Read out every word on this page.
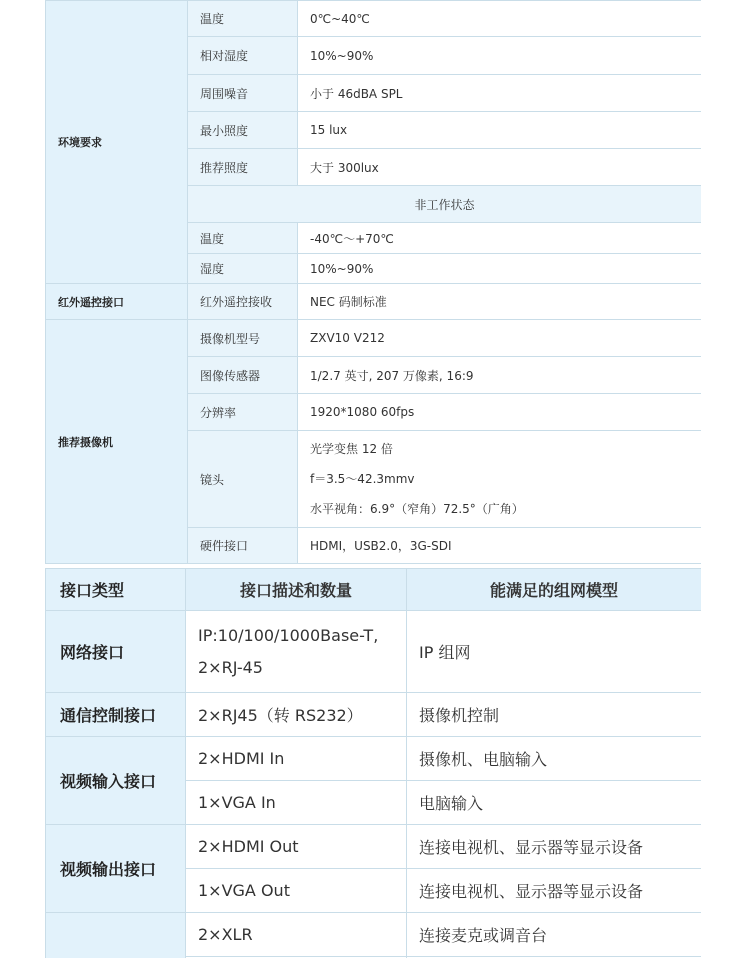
环境要求	温度	0℃~40℃
	相对湿度	10%~90%
	周围噪音	小于 46dBA SPL
	最小照度	15 lux
	推荐照度	大于 300lux
	非工作状态	
	温度	-40℃～+70℃
	湿度	10%~90%
红外遥控接口	红外遥控接收	NEC 码制标准
推荐摄像机	摄像机型号	ZXV10 V212
	图像传感器	1/2.7 英寸, 207 万像素, 16:9
	分辨率	1920*1080 60fps
	镜头	光学变焦 12 倍
f＝3.5～42.3mmv
水平视角：6.9°（窄角）72.5°（广角）

	硬件接口	HDMI，USB2.0，3G-SDI
接口类型	接口描述和数量	能满足的组网模型
网络接口	IP:10/100/1000Base-T,
2×RJ-45	IP 组网
通信控制接口	2×RJ45（转 RS232）	摄像机控制
视频输入接口	2×HDMI In	摄像机、电脑输入
	1×VGA In	电脑输入
视频输出接口	2×HDMI Out	连接电视机、显示器等显示设备
	1×VGA Out	连接电视机、显示器等显示设备
	2×XLR	连接麦克或调音台
